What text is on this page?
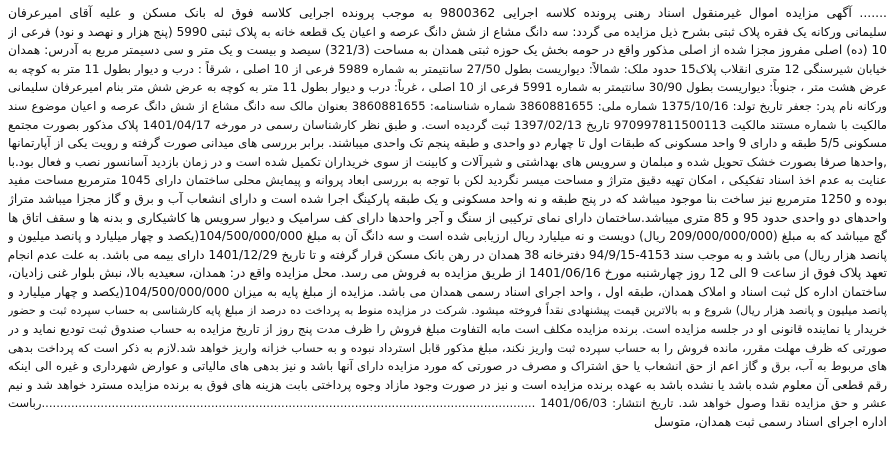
....... آگهی مزایده اموال غیرمنقول اسناد رهنی پرونده کلاسه اجرایی 9800362 به موجب پرونده اجرایی کلاسه فوق له بانک مسکن و علیه آقای امیرعرفان
سلیمانی ورکانه یک فقره پلاک ثبتی بشرح ذیل مزایده می گردد: سه دانگ مشاع از شش دانگ عرصه و اعیان یک قطعه خانه به پلاک ثبتی 5990 (پنج هزار و نهصد و نود) فرعی از
10 (ده) اصلی مفروز مجزا شده از اصلی مذکور واقع در حومه بخش یک حوزه ثبتی همدان به مساحت (321/3) سیصد و بیست و یک متر و سی دسیمتر مربع به آدرس: همدان
خیابان شیرسنگی 12 متری انقلاب پلاک15 حدود ملک: شمالاً: دیواریست بطول 27/50 سانتیمتر به شماره 5989 فرعی از 10 اصلی ، شرقاً : درب و دیوار بطول 11 متر به کوچه به
عرض هشت متر ، جنوباً: دیواریست بطول 30/90 سانتیمتر به شماره 5991 فرعی از 10 اصلی ، غرباً: درب و دیوار بطول 11 متر به کوچه به عرض شش متر بنام امیرعرفان سلیمانی
ورکانه نام پدر: جعفر تاریخ تولد: 1375/10/16 شماره ملی: 3860881655 شماره شناسنامه: 3860881655 بعنوان مالک سه دانگ مشاع از شش دانگ عرصه و اعیان موضوع سند
مالکیت با شماره مستند مالکیت 970997811500113 تاریخ 1397/02/13 ثبت گردیده است. و طبق نظر کارشناسان رسمی در مورخه 1401/04/17 پلاک مذکور بصورت مجتمع
مسکونی 5/5 طبقه و دارای 9 واحد مسکونی که طبقات اول تا چهارم دو واحدی و طبقه پنجم تک واحدی میباشند. برابر بررسی های میدانی صورت گرفته و رویت یکی از آپارتمانها
,واحدها صرفا بصورت خشک تحویل شده و مبلمان و سرویس های بهداشتی و شیرآلات و کابینت از سوی خریداران تکمیل شده است و در زمان بازدید آسانسور نصب و فعال بود.با
عنایت به عدم اخذ اسناد تفکیکی ، امکان تهیه دقیق متراژ و مساحت میسر نگردید لکن با توجه به بررسی ابعاد پروانه و پیمایش محلی ساختمان دارای 1045 مترمربع مساحت مفید
بوده و 1250 مترمربع نیز ساخت بنا موجود میباشد که در پنج طبقه و نه واحد مسکونی و یک طبقه پارکینگ اجرا شده است و دارای انشعاب آب و برق و گاز مجزا میباشد متراژ
واحدهای دو واحدی حدود 95 و 85 متری میباشد.ساختمان دارای نمای ترکیبی از سنگ و آجر واحدها دارای کف سرامیک و دیوار سرویس ها کاشیکاری و بدنه ها و سقف اتاق ها
گچ میباشد که به مبلغ (209/000/000/000 ریال) دویست و نه میلیارد ریال ارزیابی شده است و سه دانگ آن به مبلغ 104/500/000/000(یکصد و چهار میلیارد و پانصد میلیون و
پانصد هزار ریال) می باشد و به موجب سند 4153-94/9/15 دفترخانه 38 همدان در رهن بانک مسکن قرار گرفته و تا تاریخ 1401/12/29 دارای بیمه می باشد. به علت عدم انجام
تعهد پلاک فوق از ساعت 9 الی 12 روز چهارشنبه مورخ 1401/06/16 از طریق مزایده به فروش می رسد. محل مزایده واقع در: همدان، سعیدیه بالا، نبش بلوار غنی زادیان،
ساختمان اداره کل ثبت اسناد و املاک همدان، طبقه اول ، واحد اجرای اسناد رسمی همدان می باشد. مزایده از مبلغ پایه به میزان 104/500/000/000(یکصد و چهار میلیارد و
پانصد میلیون و پانصد هزار ریال) شروع و به بالاترین قیمت پیشنهادی نقداً فروخته میشود. شرکت در مزایده منوط به پرداخت ده درصد از مبلغ پایه کارشناسی به حساب سپرده ثبت و حضور
خریدار یا نماینده قانونی او در جلسه مزایده است. برنده مزایده مکلف است مابه التفاوت مبلغ فروش را ظرف مدت پنج روز از تاریخ مزایده به حساب صندوق ثبت تودیع نماید و در
صورتی که ظرف مهلت مقرر، مانده فروش را به حساب سپرده ثبت واریز نکند، مبلغ مذکور قابل استرداد نبوده و به حساب خزانه واریز خواهد شد.لازم به ذکر است که پرداخت بدهی
های مربوط به آب، برق و گاز اعم از حق انشعاب یا حق اشتراک و مصرف در صورتی که مورد مزایده دارای آنها باشد و نیز بدهی های مالیاتی و عوارض شهرداری و غیره الی اینکه
رقم قطعی آن معلوم شده باشد یا نشده باشد به عهده برنده مزایده است و نیز در صورت وجود مازاد وجوه پرداختی بابت هزینه های فوق به برنده مزایده مسترد خواهد شد و نیم
عشر و حق مزایده نقدا وصول خواهد شد. تاریخ انتشار: 1401/06/03 ......................................................................................................................................رباست
اداره اجرای اسناد رسمی ثبت همدان، متوسل
